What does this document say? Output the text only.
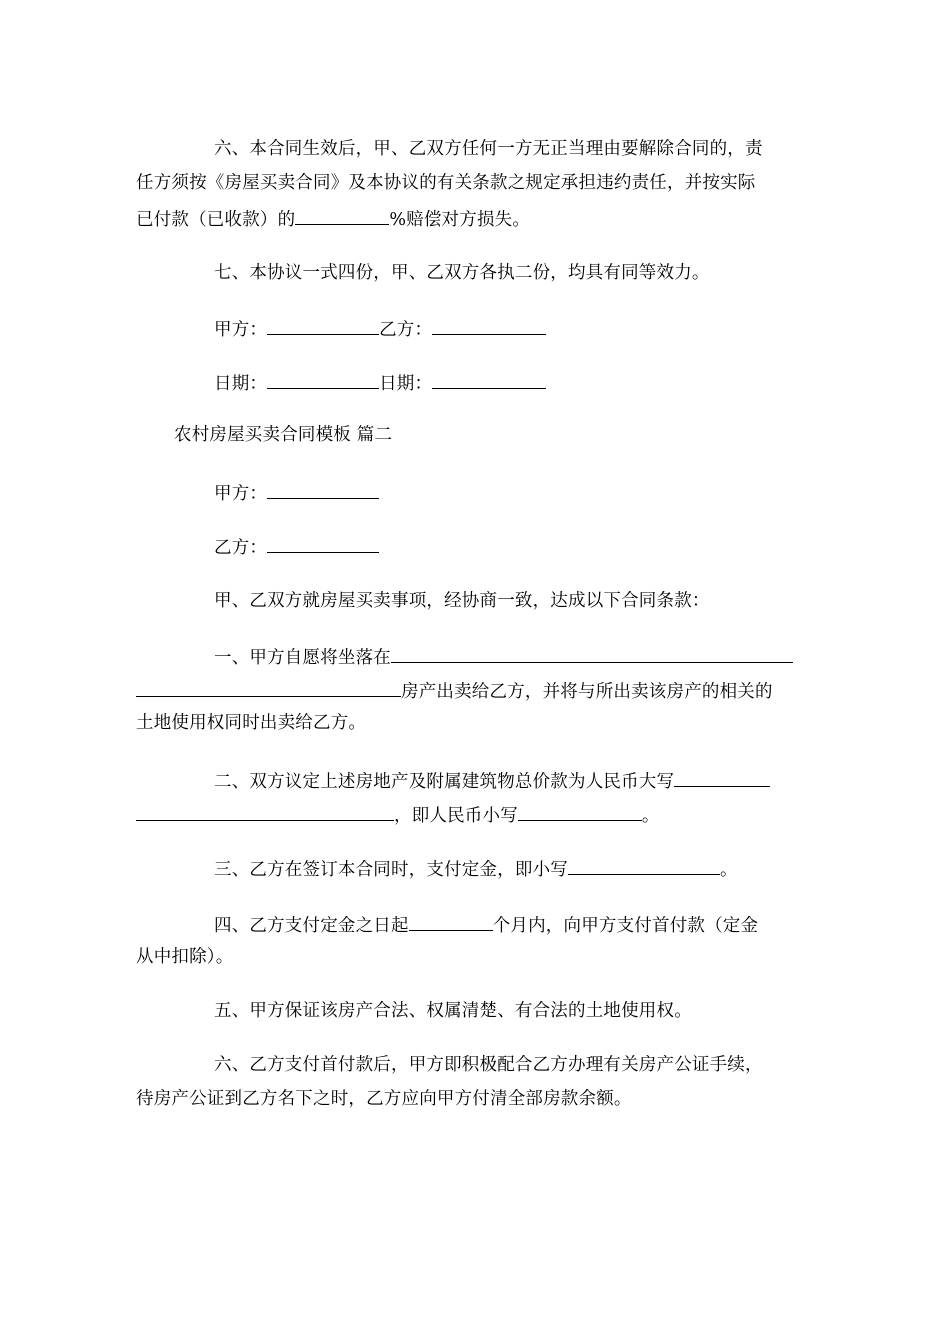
六、本合同生效后，甲、乙双方任何一方无正当理由要解除合同的，责
任方须按《房屋买卖合同》及本协议的有关条款之规定承担违约责任，并按实际
已付款（已收款）的	%赔偿对方损失。
七、本协议一式四份，甲、乙双方各执二份，均具有同等效力。
甲方：	乙方：
日期：	日期：
农村房屋买卖合同模板 篇二
甲方：
乙方：
甲、乙双方就房屋买卖事项，经协商一致，达成以下合同条款：
一、甲方自愿将坐落在
房产出卖给乙方，并将与所出卖该房产的相关的
土地使用权同时出卖给乙方。
二、双方议定上述房地产及附属建筑物总价款为人民币大写
，即人民币小写	。
三、乙方在签订本合同时，支付定金，即小写	。
四、乙方支付定金之日起	个月内，向甲方支付首付款（定金
从中扣除）。
五、甲方保证该房产合法、权属清楚、有合法的土地使用权。
六、乙方支付首付款后，甲方即积极配合乙方办理有关房产公证手续，
待房产公证到乙方名下之时，乙方应向甲方付清全部房款余额。
